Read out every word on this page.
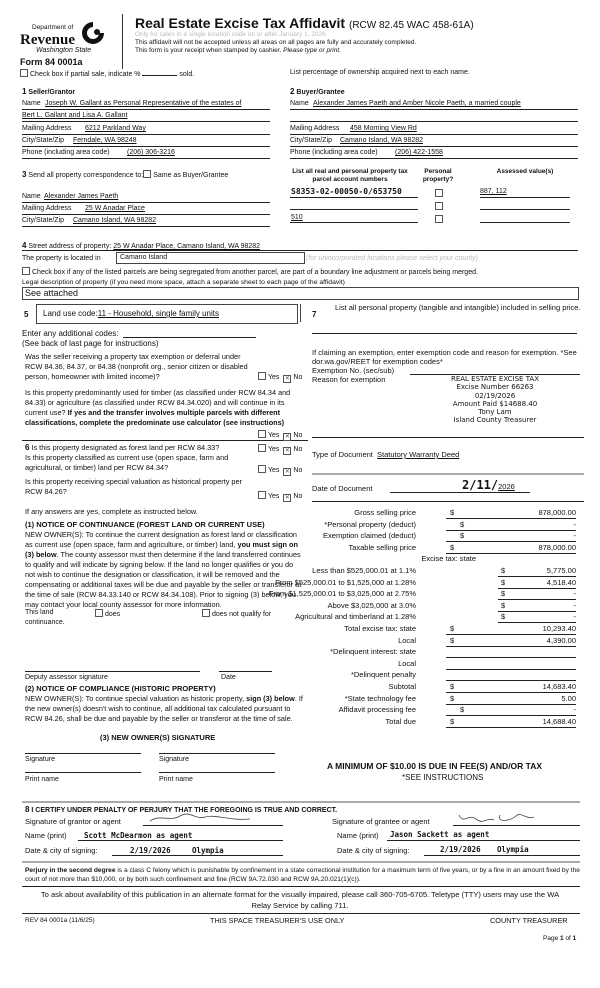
Department of
Revenue
Washington State
Form 84 0001a
Real Estate Excise Tax Affidavit (RCW 82.45 WAC 458-61A)
Only for sales in a single location code on or after January 1, 2026.
This affidavit will not be accepted unless all areas on all pages are fully and accurately completed.
This form is your receipt when stamped by cashier. Please type or print.
Check box if partial sale, indicate %	sold.	List percentage of ownership acquired next to each name.
1 Seller/Grantor
Name Joseph W. Gallant as Personal Representative of the estates of
Bert L. Gallant and Lisa A. Gallant
Mailing Address 6212 Parkland Way
City/State/Zip Ferndale, WA 98248
Phone (including area code) (206) 306-3216
2 Buyer/Grantee
Name Alexander James Paeth and Amber Nicole Paeth, a married couple
Mailing Address 458 Morning View Rd
City/State/Zip Camano Island, WA 98282
Phone (including area code) (206) 422-1558
3 Send all property correspondence to: Same as Buyer/Grantee
Name Alexander James Paeth
Mailing Address 25 W Anadar Place
City/State/Zip Camano Island, WA 98282
List all real and personal property tax parcel account numbers
Personal property?
Assessed value(s)
S8353-02-00050-0/653750	887, 112
510
4 Street address of property: 25 W Anadar Place, Camano Island, WA 98282
The property is located in	Camano Island	(for unincorporated locations please select your county)
Check box if any of the listed parcels are being segregated from another parcel, are part of a boundary line adjustment or parcels being merged.
Legal description of property (if you need more space, attach a separate sheet to each page of the affidavit)
See attached
5 Land use code:11 - Household, single family units
Enter any additional codes:
(See back of last page for instructions)
Was the seller receiving a property tax exemption or deferral under RCW 84.36, 84.37, or 84.38 (nonprofit org., senior citizen or disabled person, homeowner with limited income)?
Is this property predominantly used for timber (as classified under RCW 84.34 and 84.33) or agriculture (as classified under RCW 84.34.020) and will continue in its current use? If yes and the transfer involves multiple parcels with different classifications, complete the predominate use calculator (see instructions)
6 Is this property designated as forest land per RCW 84.33?
Is this property classified as current use (open space, farm and agricultural, or timber) land per RCW 84.34?
Is this property receiving special valuation as historical property per RCW 84.26?
If any answers are yes, complete as instructed below.
(1) NOTICE OF CONTINUANCE (FOREST LAND OR CURRENT USE)
NEW OWNER(S): To continue the current designation as forest land or classification as current use (open space, farm and agriculture, or timber) land, you must sign on (3) below. The county assessor must then determine if the land transferred continues to qualify and will indicate by signing below. If the land no longer qualifies or you do not wish to continue the designation or classification, it will be removed and the compensating or additional taxes will be due and payable by the seller or transferor at the time of sale (RCW 84.33.140 or RCW 84.34.108). Prior to signing (3) below, you may contact your local county assessor for more information.
This land	does	does not qualify for
continuance.
Deputy assessor signature	Date
(2) NOTICE OF COMPLIANCE (HISTORIC PROPERTY)
NEW OWNER(S): To continue special valuation as historic property, sign (3) below. If the new owner(s) doesn't wish to continue, all additional tax calculated pursuant to RCW 84.26, shall be due and payable by the seller or transferor at the time of sale.
(3) NEW OWNER(S) SIGNATURE
Signature	Signature
Print name	Print name
7
List all personal property (tangible and intangible) included in selling price.
If claiming an exemption, enter exemption code and reason for exemption. *See dor.wa.gov/REET for exemption codes*
Exemption No. (sec/sub)
Reason for exemption	REAL ESTATE EXCISE TAX
Excise Number 66263
02/19/2026
Amount Paid $14688.40
Tony Lam
Island County Treasurer
Type of Document Statutory Warranty Deed
Date of Document	2/11/2026
Gross selling price	$	878,000.00
*Personal property (deduct)	$	-
Exemption claimed (deduct)	$	-
Taxable selling price	$	878,000.00
Excise tax: state
Less than $525,000.01 at 1.1%	$	5,775.00
From $525,000.01 to $1,525,000 at 1.28%	$	4,518.40
From $1,525,000.01 to $3,025,000 at 2.75%	$	-
Above $3,025,000 at 3.0%	$	-
Agricultural and timberland at 1.28%	$	-
Total excise tax: state	$	10,293.40
Local	$	4,390.00
*Delinquent interest: state
Local
*Delinquent penalty
Subtotal	$	14,683.40
*State technology fee	$	5.00
Affidavit processing fee	$	-
Total due	$	14,688.40
A MINIMUM OF $10.00 IS DUE IN FEE(S) AND/OR TAX
*SEE INSTRUCTIONS
8 I CERTIFY UNDER PENALTY OF PERJURY THAT THE FOREGOING IS TRUE AND CORRECT.
Signature of grantor or agent	Signature of grantee or agent
Name (print) Scott McDearmon as agent	Name (print) Jason Sackett as agent
Date & city of signing:	2/19/2026	Olympia	Date & city of signing:	2/19/2026 Olympia
Perjury in the second degree is a class C felony which is punishable by confinement in a state correctional institution for a maximum term of five years, or by a fine in an amount fixed by the court of not more than $10,000, or by both such confinement and fine (RCW 9A.72.030 and RCW 9A.20.021(1)(c)).
To ask about availability of this publication in an alternate format for the visually impaired, please call 360-705-6705. Teletype (TTY) users may use the WA Relay Service by calling 711.
REV 84 0001a (11/6/25)	THIS SPACE TREASURER'S USE ONLY	COUNTY TREASURER
Page 1 of 1
Yes ✕ No
Yes ✕ No
Yes ✕ No
Yes ✕ No
Yes ✕ No
